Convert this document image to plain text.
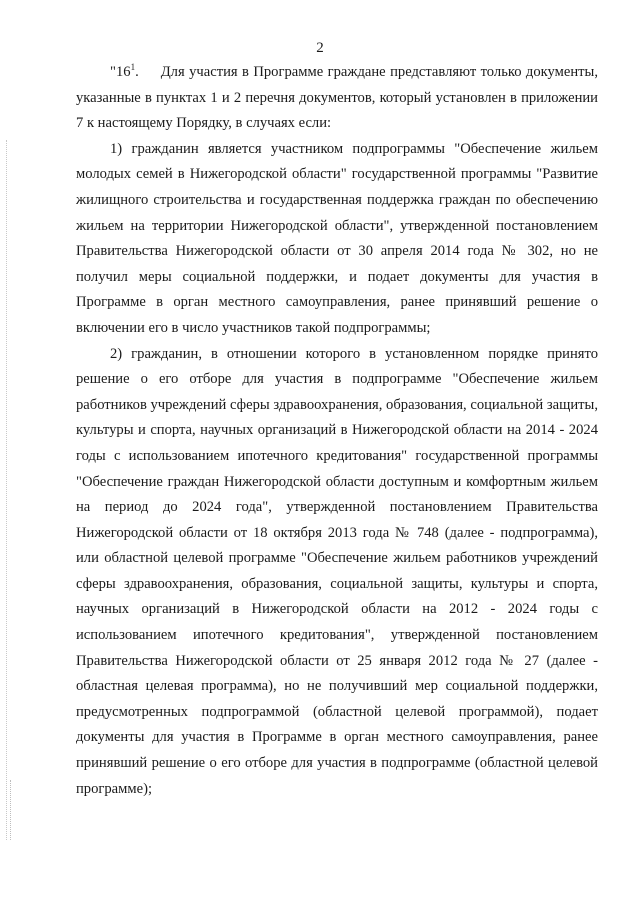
2

"$16^1$. Для участия в Программе граждане представляют только документы, указанные в пунктах 1 и 2 перечня документов, который установлен в приложении 7 к настоящему Порядку, в случаях если:

1) гражданин является участником подпрограммы "Обеспечение жильем молодых семей в Нижегородской области" государственной программы "Развитие жилищного строительства и государственная поддержка граждан по обеспечению жильем на территории Нижегородской области", утвержденной постановлением Правительства Нижегородской области от 30 апреля 2014 года № 302, но не получил меры социальной поддержки, и подает документы для участия в Программе в орган местного самоуправления, ранее принявший решение о включении его в число участников такой подпрограммы;

2) гражданин, в отношении которого в установленном порядке принято решение о его отборе для участия в подпрограмме "Обеспечение жильем работников учреждений сферы здравоохранения, образования, социальной защиты, культуры и спорта, научных организаций в Нижегородской области на 2014 - 2024 годы с использованием ипотечного кредитования" государственной программы "Обеспечение граждан Нижегородской области доступным и комфортным жильем на период до 2024 года", утвержденной постановлением Правительства Нижегородской области от 18 октября 2013 года № 748 (далее - подпрограмма), или областной целевой программе "Обеспечение жильем работников учреждений сферы здравоохранения, образования, социальной защиты, культуры и спорта, научных организаций в Нижегородской области на 2012 - 2024 годы с использованием ипотечного кредитования", утвержденной постановлением Правительства Нижегородской области от 25 января 2012 года № 27 (далее - областная целевая программа), но не получивший мер социальной поддержки, предусмотренных подпрограммой (областной целевой программой), подает документы для участия в Программе в орган местного самоуправления, ранее принявший решение о его отборе для участия в подпрограмме (областной целевой программе);
